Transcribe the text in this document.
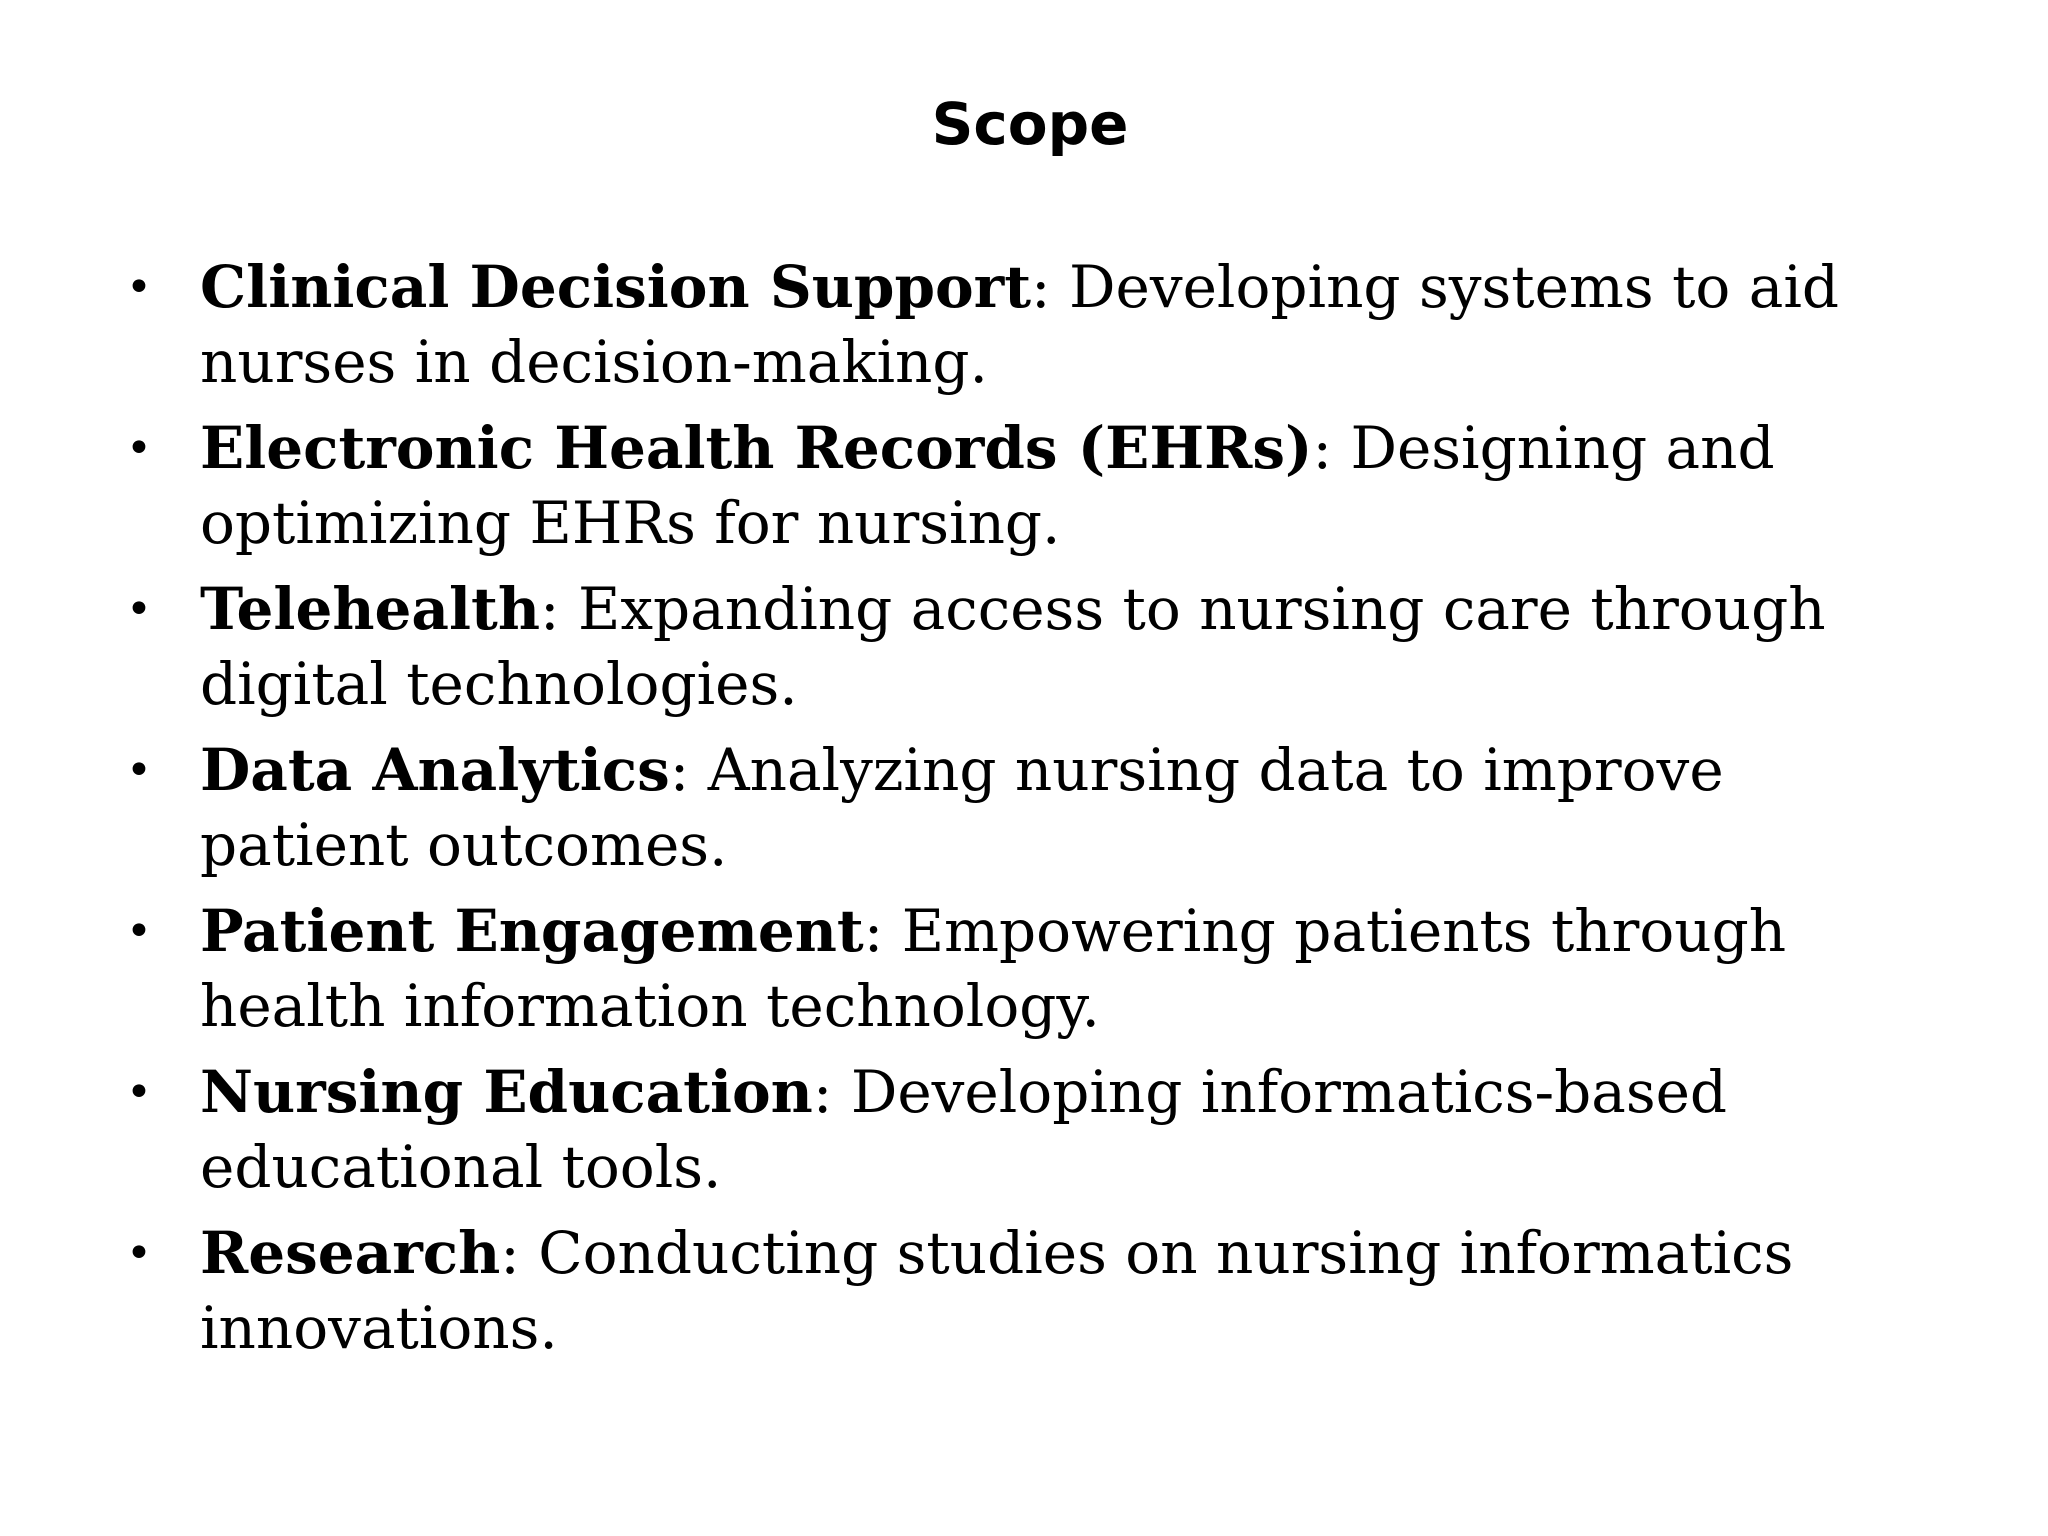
Scope
• Clinical Decision Support: Developing systems to aid nurses in decision-making.
• Electronic Health Records (EHRs): Designing and optimizing EHRs for nursing.
• Telehealth: Expanding access to nursing care through digital technologies.
• Data Analytics: Analyzing nursing data to improve patient outcomes.
• Patient Engagement: Empowering patients through health information technology.
• Nursing Education: Developing informatics-based educational tools.
• Research: Conducting studies on nursing informatics innovations.
